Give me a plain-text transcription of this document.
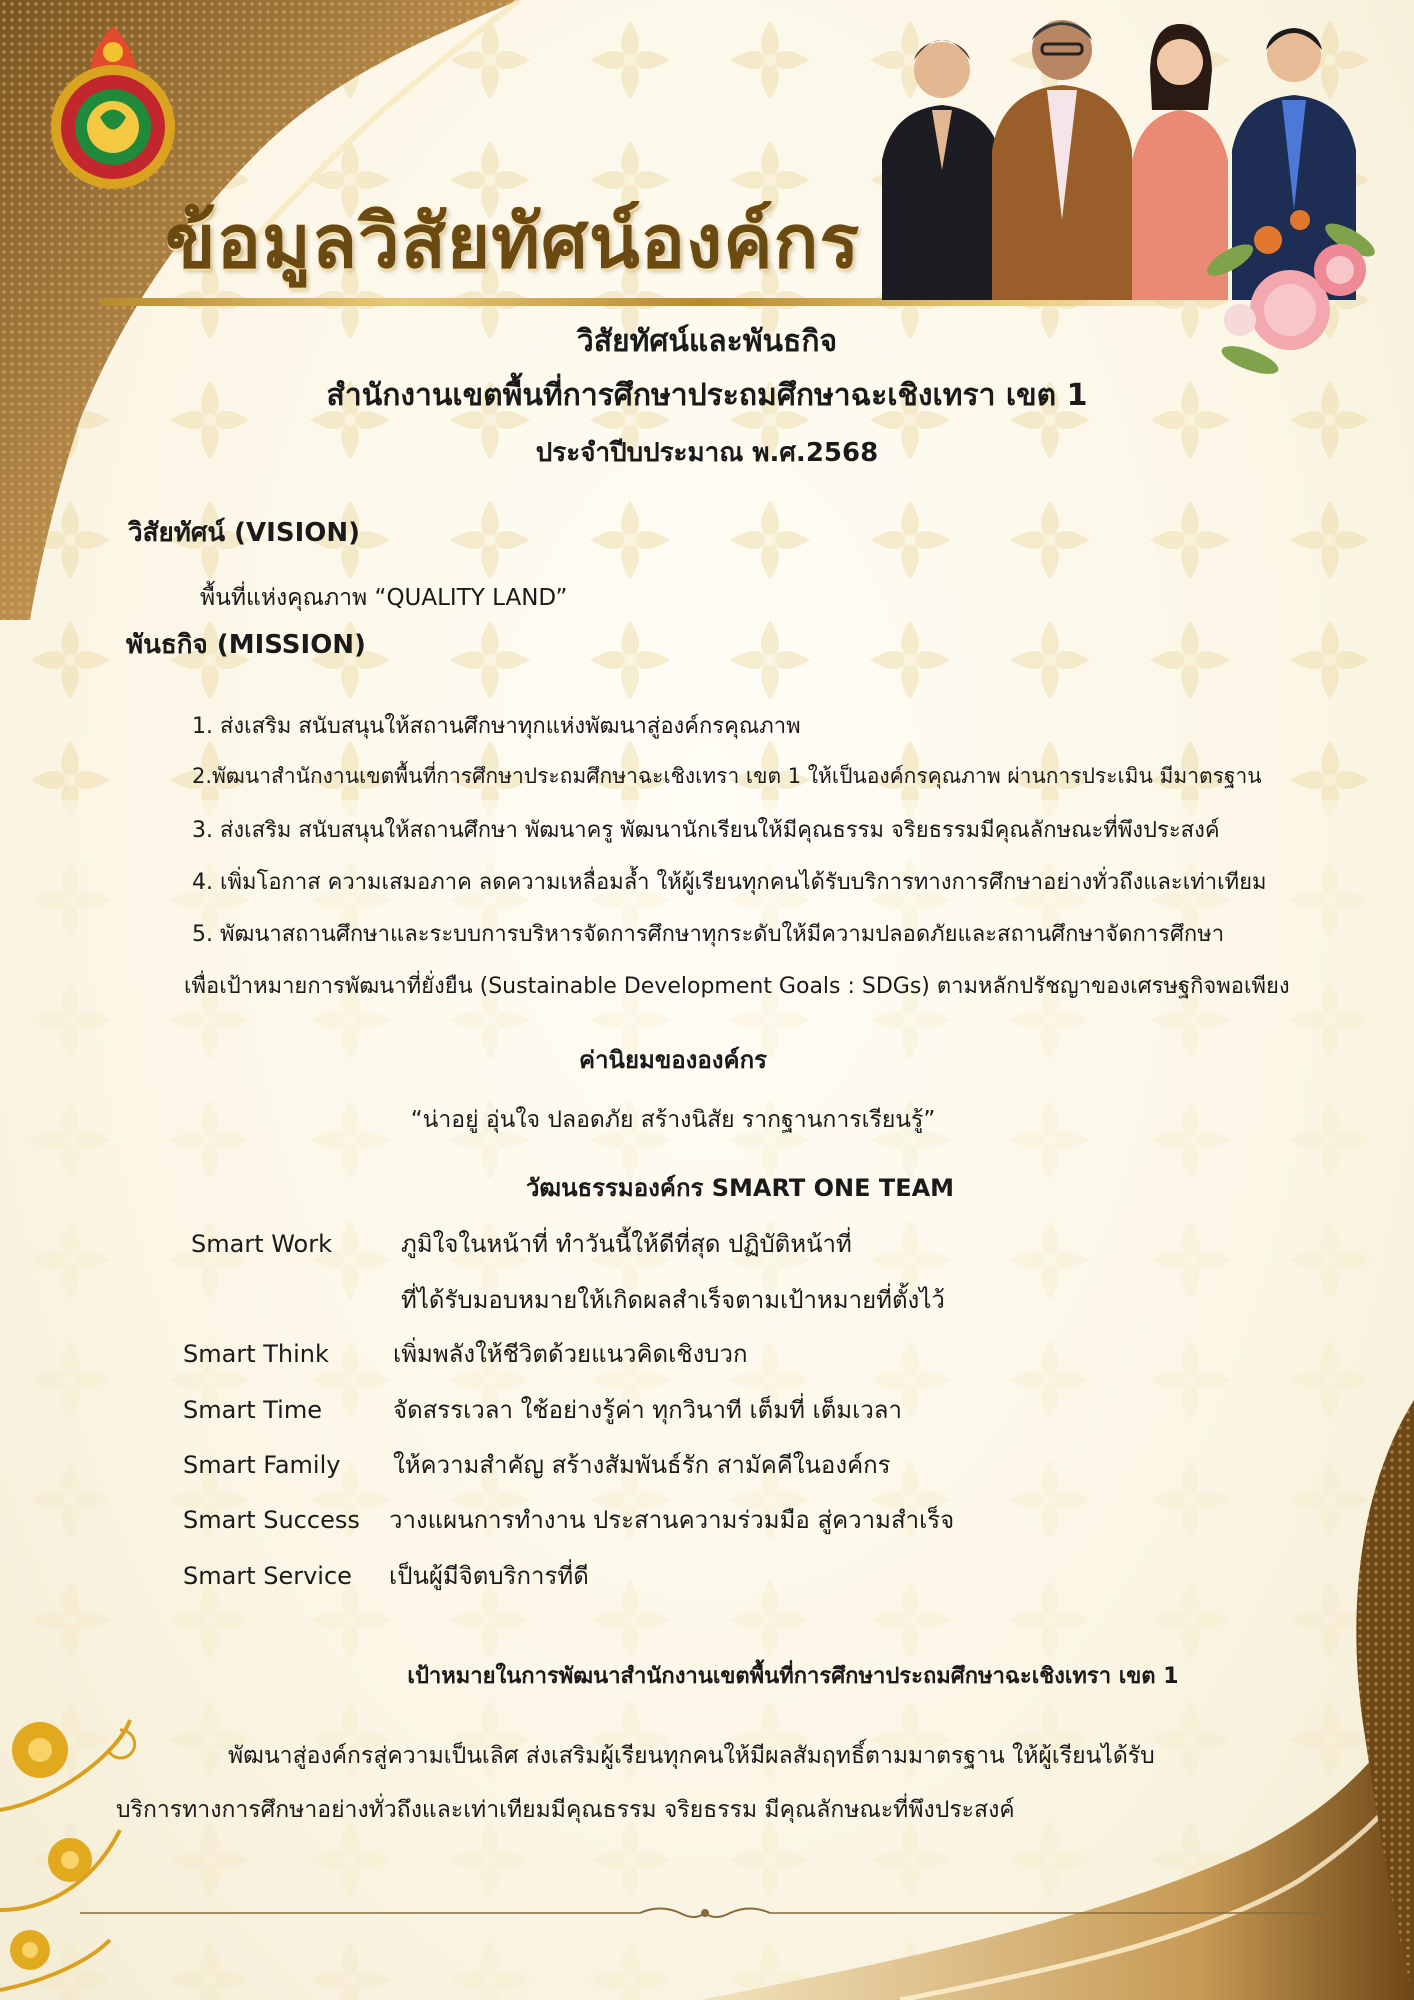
ข้อมูลวิสัยทัศน์องค์กร
วิสัยทัศน์และพันธกิจ
สำนักงานเขตพื้นที่การศึกษาประถมศึกษาฉะเชิงเทรา เขต 1
ประจำปีบประมาณ พ.ศ.2568
วิสัยทัศน์ (VISION)
พื้นที่แห่งคุณภาพ “QUALITY LAND”
พันธกิจ (MISSION)
1. ส่งเสริม สนับสนุนให้สถานศึกษาทุกแห่งพัฒนาสู่องค์กรคุณภาพ
2.พัฒนาสำนักงานเขตพื้นที่การศึกษาประถมศึกษาฉะเชิงเทรา เขต 1 ให้เป็นองค์กรคุณภาพ ผ่านการประเมิน มีมาตรฐาน
3. ส่งเสริม สนับสนุนให้สถานศึกษา พัฒนาครู พัฒนานักเรียนให้มีคุณธรรม จริยธรรมมีคุณลักษณะที่พึงประสงค์
4. เพิ่มโอกาส ความเสมอภาค ลดความเหลื่อมล้ำ ให้ผู้เรียนทุกคนได้รับบริการทางการศึกษาอย่างทั่วถึงและเท่าเทียม
5. พัฒนาสถานศึกษาและระบบการบริหารจัดการศึกษาทุกระดับให้มีความปลอดภัยและสถานศึกษาจัดการศึกษา
เพื่อเป้าหมายการพัฒนาที่ยั่งยืน (Sustainable Development Goals : SDGs) ตามหลักปรัชญาของเศรษฐกิจพอเพียง
ค่านิยมขององค์กร
“น่าอยู่ อุ่นใจ ปลอดภัย สร้างนิสัย รากฐานการเรียนรู้”
วัฒนธรรมองค์กร SMART ONE TEAM
Smart Work	ภูมิใจในหน้าที่ ทำวันนี้ให้ดีที่สุด ปฏิบัติหน้าที่
ที่ได้รับมอบหมายให้เกิดผลสำเร็จตามเป้าหมายที่ตั้งไว้
Smart Think	เพิ่มพลังให้ชีวิตด้วยแนวคิดเชิงบวก
Smart Time	จัดสรรเวลา ใช้อย่างรู้ค่า ทุกวินาที เต็มที่ เต็มเวลา
Smart Family ให้ความสำคัญ สร้างสัมพันธ์รัก สามัคคีในองค์กร
Smart Success วางแผนการทำงาน ประสานความร่วมมือ สู่ความสำเร็จ
Smart Service เป็นผู้มีจิตบริการที่ดี
เป้าหมายในการพัฒนาสำนักงานเขตพื้นที่การศึกษาประถมศึกษาฉะเชิงเทรา เขต 1
พัฒนาสู่องค์กรสู่ความเป็นเลิศ ส่งเสริมผู้เรียนทุกคนให้มีผลสัมฤทธิ์ตามมาตรฐาน ให้ผู้เรียนได้รับ
บริการทางการศึกษาอย่างทั่วถึงและเท่าเทียมมีคุณธรรม จริยธรรม มีคุณลักษณะที่พึงประสงค์
